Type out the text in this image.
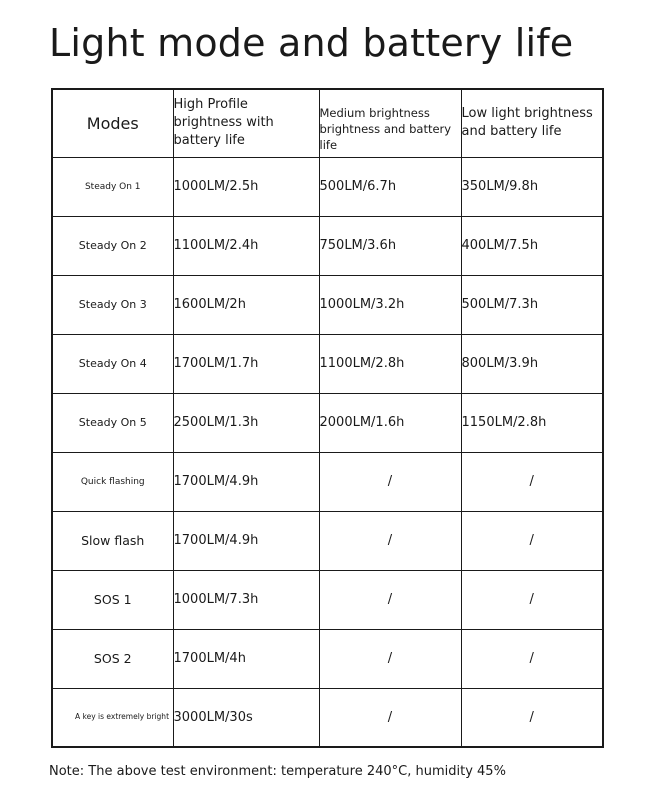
Light mode and battery life
Modes	High Profile brightness with battery life	Medium brightness brightness and battery life	Low light brightness and battery life
Steady On 1	1000LM/2.5h	500LM/6.7h	350LM/9.8h
Steady On 2	1100LM/2.4h	750LM/3.6h	400LM/7.5h
Steady On 3	1600LM/2h	1000LM/3.2h	500LM/7.3h
Steady On 4	1700LM/1.7h	1100LM/2.8h	800LM/3.9h
Steady On 5	2500LM/1.3h	2000LM/1.6h	1150LM/2.8h
Quick flashing	1700LM/4.9h	/	/
Slow flash	1700LM/4.9h	/	/
SOS 1	1000LM/7.3h	/	/
SOS 2	1700LM/4h	/	/
A key is extremely bright	3000LM/30s	/	/

Note: The above test environment: temperature 240°C, humidity 45%
